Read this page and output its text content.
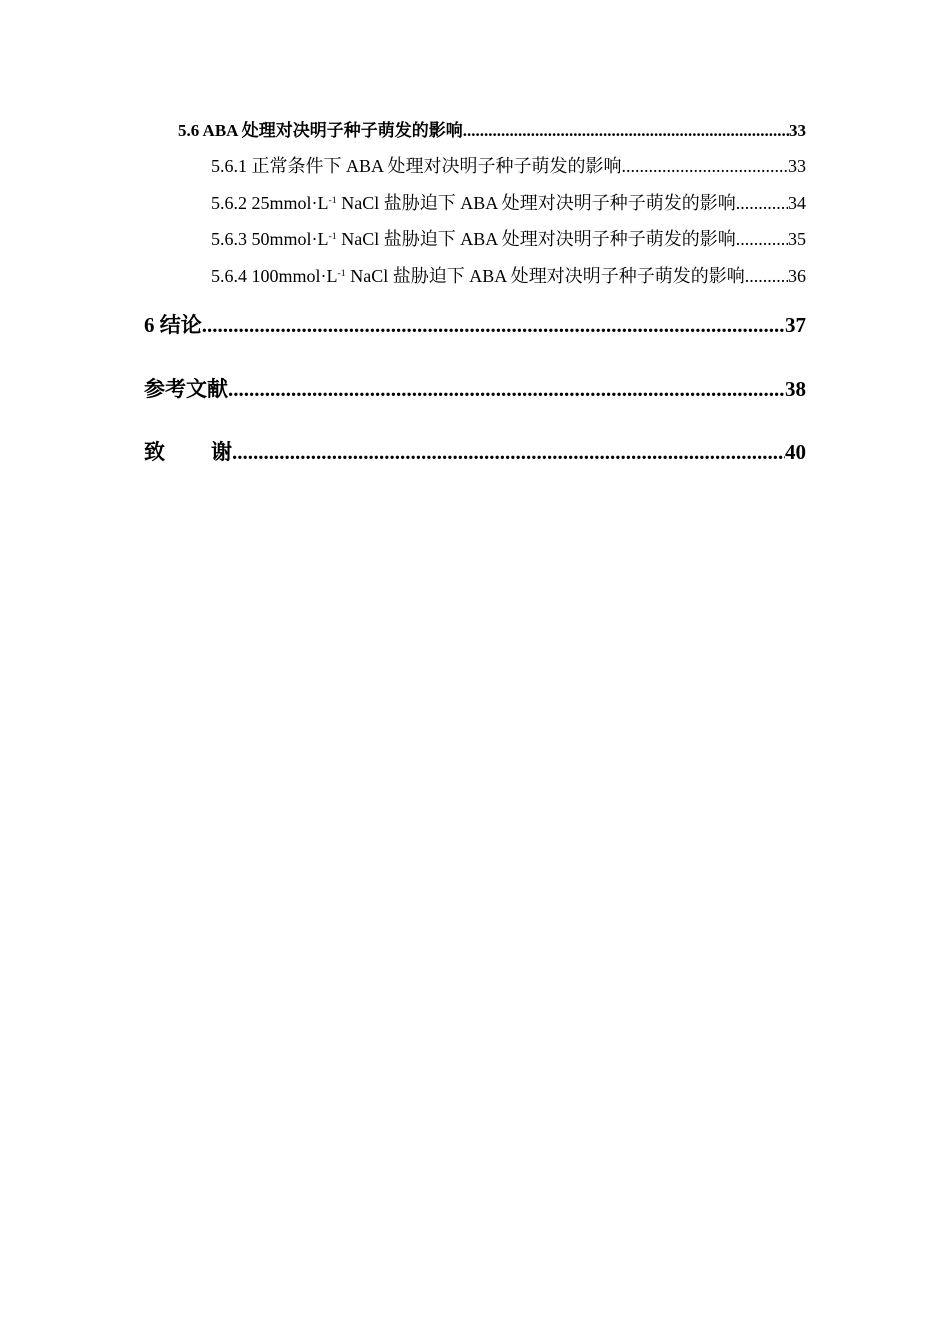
5.6 ABA 处理对决明子种子萌发的影响 .....	33
5.6.1 正常条件下 ABA 处理对决明子种子萌发的影响 .....	33
5.6.2 $25mmol\cdot L^{-1}$ NaCl 盐胁迫下 ABA 处理对决明子种子萌发的影响 .....	34
5.6.3 $50mmol\cdot L^{-1}$ NaCl 盐胁迫下 ABA 处理对决明子种子萌发的影响 .....	35
5.6.4 $100mmol\cdot L^{-1}$ NaCl 盐胁迫下 ABA 处理对决明子种子萌发的影响 ..... 36
6 结论 .....	37
参考文献 .....	38
致 谢 .....	40
